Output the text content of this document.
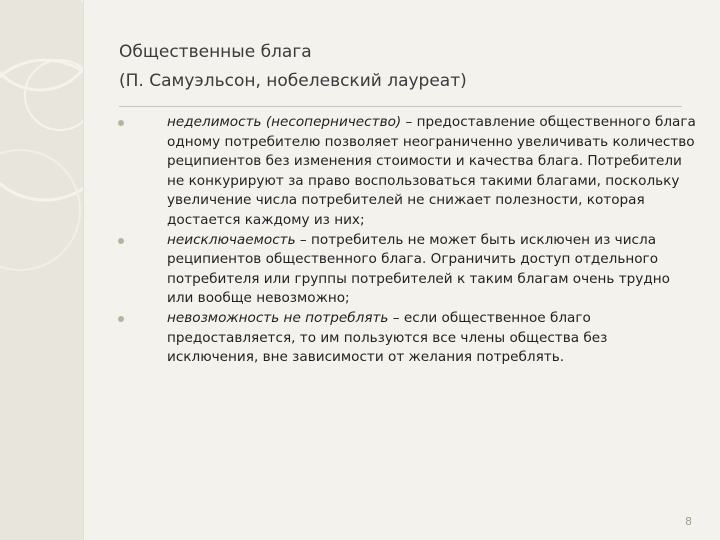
Общественные блага
(П. Самуэльсон, нобелевский лауреат)
неделимость (несоперничество) – предоставление общественного блага одному потребителю позволяет неограниченно увеличивать количество реципиентов без изменения стоимости и качества блага. Потребители не конкурируют за право воспользоваться такими благами, поскольку увеличение числа потребителей не снижает полезности, которая достается каждому из них;
неисключаемость – потребитель не может быть исключен из числа реципиентов общественного блага. Ограничить доступ отдельного потребителя или группы потребителей к таким благам очень трудно или вообще невозможно;
невозможность не потреблять – если общественное благо предоставляется, то им пользуются все члены общества без исключения, вне зависимости от желания потреблять.
8
